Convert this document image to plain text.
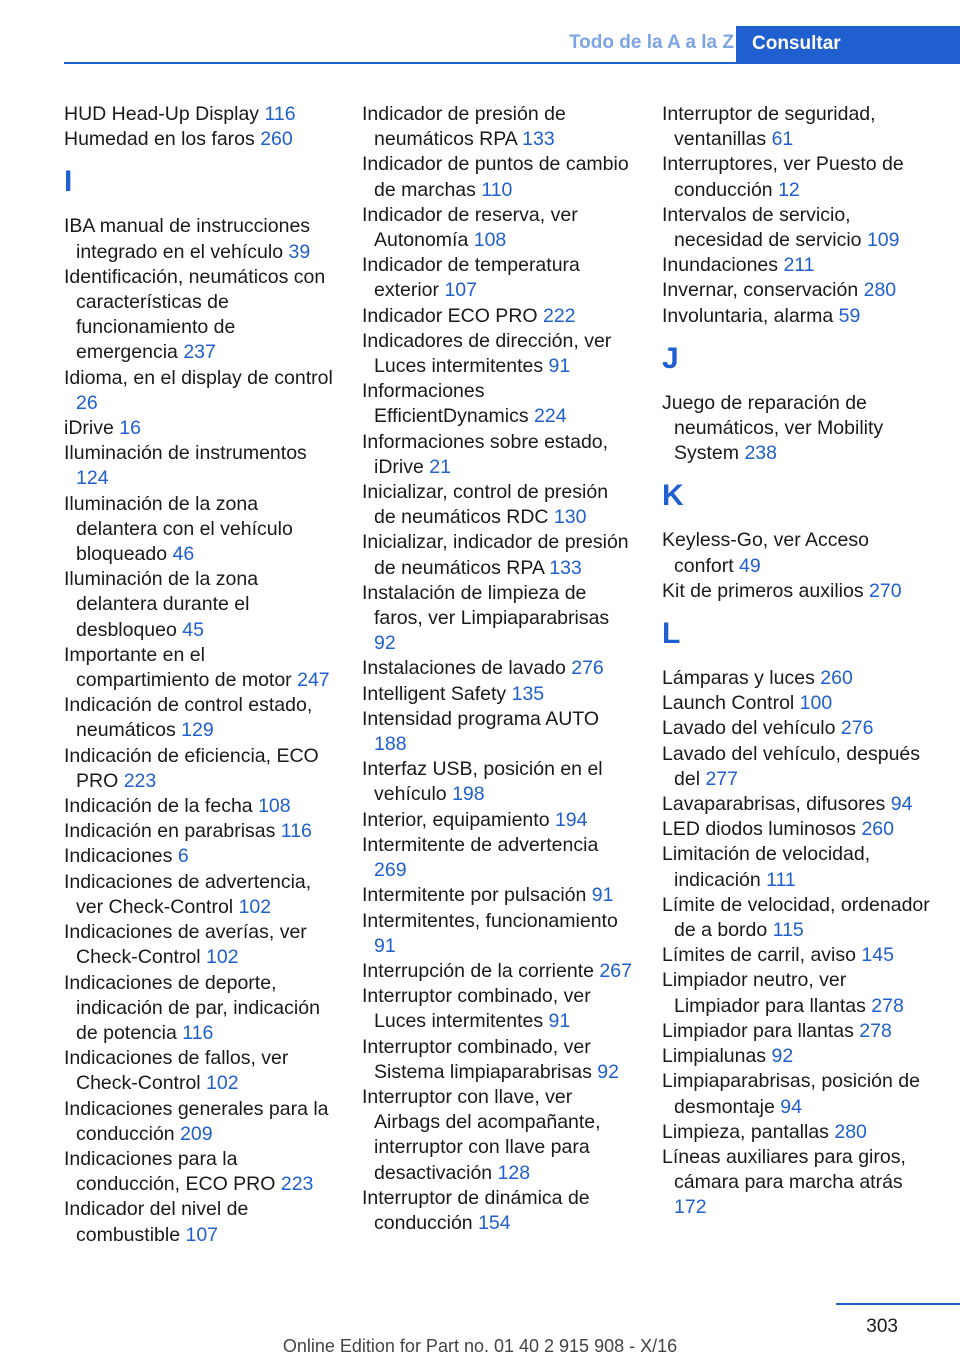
Todo de la A a la Z Consultar
HUD Head-Up Display 116
Humedad en los faros 260
I
IBA manual de instrucciones integrado en el vehículo 39
Identificación, neumáticos con características de funcionamiento de emergencia 237
Idioma, en el display de control 26
iDrive 16
Iluminación de instrumentos 124
Iluminación de la zona delantera con el vehículo bloqueado 46
Iluminación de la zona delantera durante el desbloqueo 45
Importante en el compartimiento de motor 247
Indicación de control estado, neumáticos 129
Indicación de eficiencia, ECO PRO 223
Indicación de la fecha 108
Indicación en parabrisas 116
Indicaciones 6
Indicaciones de advertencia, ver Check-Control 102
Indicaciones de averías, ver Check-Control 102
Indicaciones de deporte, indicación de par, indicación de potencia 116
Indicaciones de fallos, ver Check-Control 102
Indicaciones generales para la conducción 209
Indicaciones para la conducción, ECO PRO 223
Indicador del nivel de combustible 107
Indicador de presión de neumáticos RPA 133
Indicador de puntos de cambio de marchas 110
Indicador de reserva, ver Autonomía 108
Indicador de temperatura exterior 107
Indicador ECO PRO 222
Indicadores de dirección, ver Luces intermitentes 91
Informaciones EfficientDynamics 224
Informaciones sobre estado, iDrive 21
Inicializar, control de presión de neumáticos RDC 130
Inicializar, indicador de presión de neumáticos RPA 133
Instalación de limpieza de faros, ver Limpiaparabrisas 92
Instalaciones de lavado 276
Intelligent Safety 135
Intensidad programa AUTO 188
Interfaz USB, posición en el vehículo 198
Interior, equipamiento 194
Intermitente de advertencia 269
Intermitente por pulsación 91
Intermitentes, funcionamiento 91
Interrupción de la corriente 267
Interruptor combinado, ver Luces intermitentes 91
Interruptor combinado, ver Sistema limpiaparabrisas 92
Interruptor con llave, ver Airbags del acompañante, interruptor con llave para desactivación 128
Interruptor de dinámica de conducción 154
Interruptor de seguridad, ventanillas 61
Interruptores, ver Puesto de conducción 12
Intervalos de servicio, necesidad de servicio 109
Inundaciones 211
Invernar, conservación 280
Involuntaria, alarma 59
J
Juego de reparación de neumáticos, ver Mobility System 238
K
Keyless-Go, ver Acceso confort 49
Kit de primeros auxilios 270
L
Lámparas y luces 260
Launch Control 100
Lavado del vehículo 276
Lavado del vehículo, después del 277
Lavaparabrisas, difusores 94
LED diodos luminosos 260
Limitación de velocidad, indicación 111
Límite de velocidad, ordenador de a bordo 115
Límites de carril, aviso 145
Limpiador neutro, ver Limpiador para llantas 278
Limpiador para llantas 278
Limpialunas 92
Limpiaparabrisas, posición de desmontaje 94
Limpieza, pantallas 280
Líneas auxiliares para giros, cámara para marcha atrás 172
303
Online Edition for Part no. 01 40 2 915 908 - X/16
